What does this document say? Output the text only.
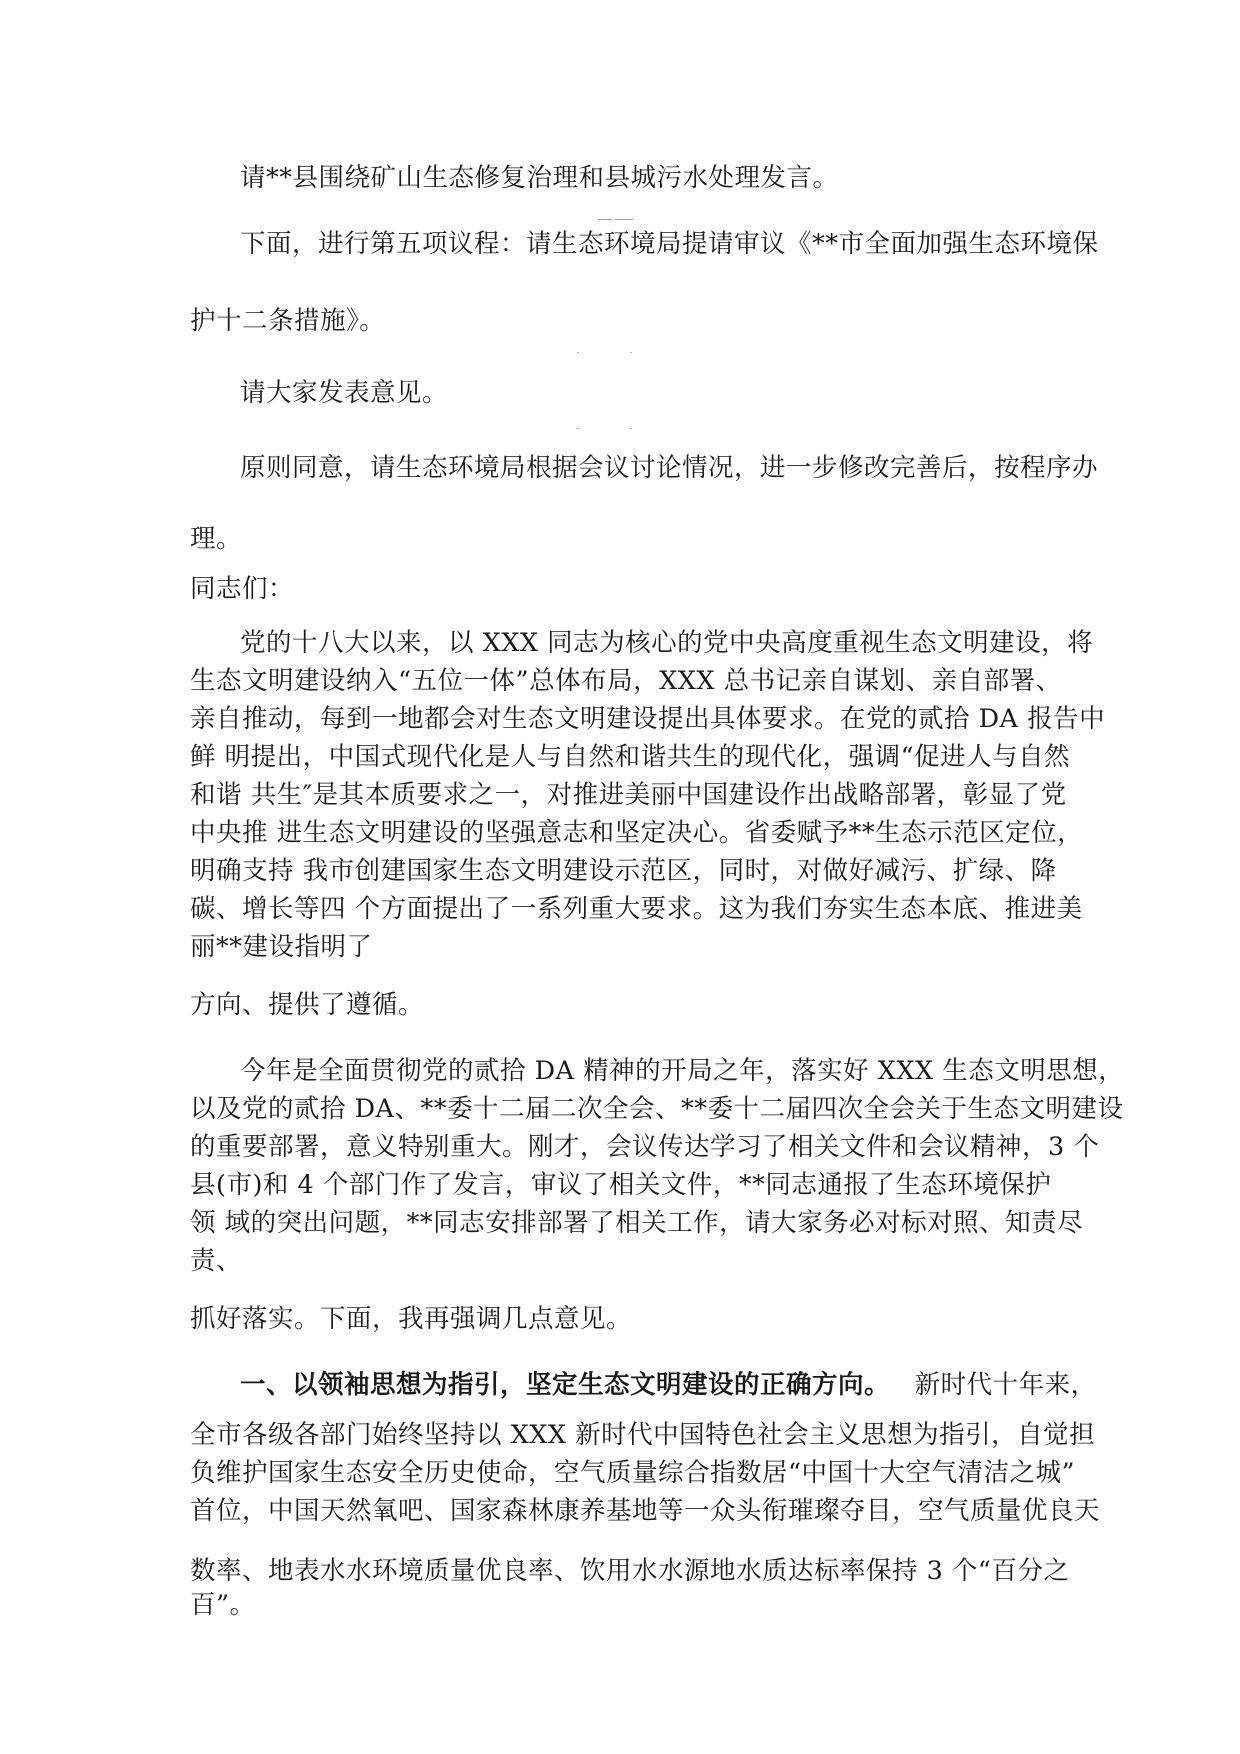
请**县围绕矿山生态修复治理和县城污水处理发言。

下面，进行第五项议程：请生态环境局提请审议《**市全面加强生态环境保

护十二条措施》。

请大家发表意见。

原则同意，请生态环境局根据会议讨论情况，进一步修改完善后，按程序办

理。

同志们：

党的十八大以来，以 XXX 同志为核心的党中央高度重视生态文明建设，将

生态文明建设纳入“五位一体”总体布局，XXX 总书记亲自谋划、亲自部署、

亲自推动，每到一地都会对生态文明建设提出具体要求。在党的贰拾 DA 报告中

鲜 明提出，中国式现代化是人与自然和谐共生的现代化，强调“促进人与自然

和谐 共生″是其本质要求之一，对推进美丽中国建设作出战略部署，彰显了党

中央推 进生态文明建设的坚强意志和坚定决心。省委赋予**生态示范区定位，

明确支持 我市创建国家生态文明建设示范区，同时，对做好减污、扩绿、降

碳、增长等四 个方面提出了一系列重大要求。这为我们夯实生态本底、推进美

丽**建设指明了

方向、提供了遵循。

今年是全面贯彻党的贰拾 DA 精神的开局之年，落实好 XXX 生态文明思想，

以及党的贰拾 DA、**委十二届二次全会、**委十二届四次全会关于生态文明建设

的重要部署，意义特别重大。刚才，会议传达学习了相关文件和会议精神，3 个

县(市)和 4 个部门作了发言，审议了相关文件，**同志通报了生态环境保护

领 域的突出问题，**同志安排部署了相关工作，请大家务必对标对照、知责尽

责、

抓好落实。下面，我再强调几点意见。

一、以领袖思想为指引，坚定生态文明建设的正确方向。 新时代十年来，

全市各级各部门始终坚持以 XXX 新时代中国特色社会主义思想为指引，自觉担

负维护国家生态安全历史使命，空气质量综合指数居“中国十大空气清洁之城”

首位，中国天然氧吧、国家森林康养基地等一众头衔璀璨夺目，空气质量优良天

数率、地表水水环境质量优良率、饮用水水源地水质达标率保持 3 个“百分之

百”。
